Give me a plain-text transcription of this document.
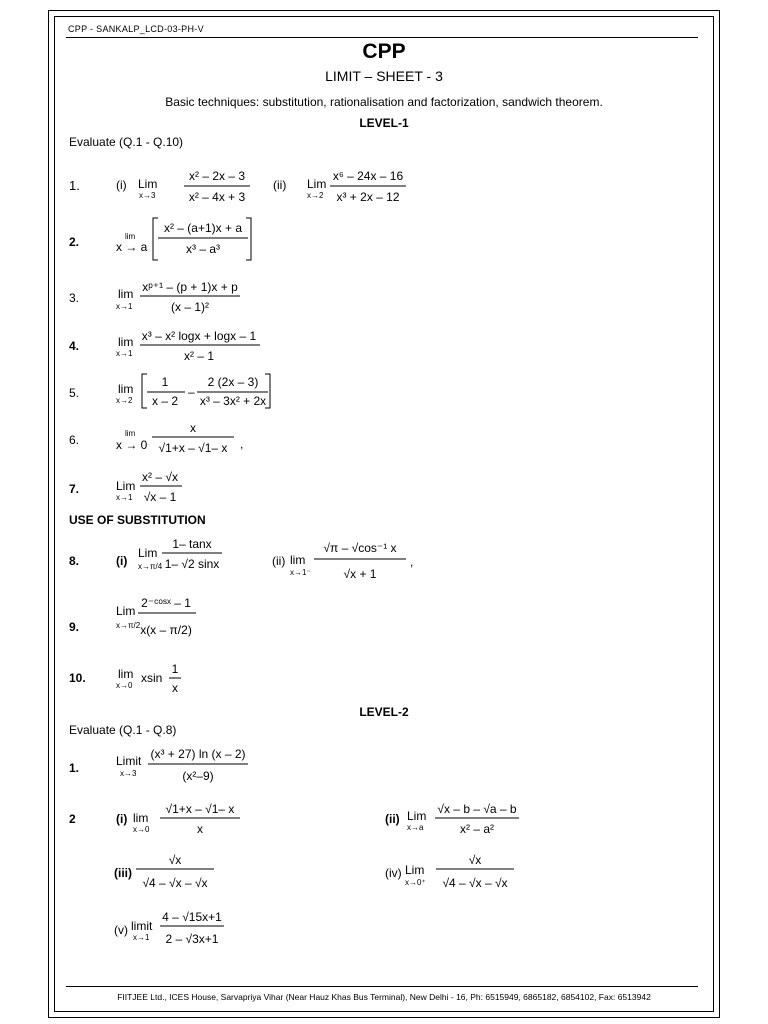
CPP - SANKALP_LCD-03-PH-V
CPP
LIMIT – SHEET - 3
Basic techniques: substitution, rationalisation and factorization, sandwich theorem.
LEVEL-1
Evaluate (Q.1 - Q.10)
1.	(i) Lim
x→3
x² – 2x – 3
x² – 4x + 3
(ii) Lim
x→2
x⁶ – 24x – 16
x³ + 2x – 12
2.	lim
x → a
x² – (a+1)x + a
x³ – a³
3.	lim
x→1
xᵖ⁺¹ – (p + 1)x + p
(x – 1)²
4.	lim
x→1
x³ – x² logx + logx – 1
x² – 1
5.	lim
x→2
1
x – 2
–
2 (2x – 3)
x³ – 3x² + 2x
6.	lim
x → 0
x
√1+x – √1– x ,
7.	Lim
x→1
x² – √x
√x – 1
USE OF SUBSTITUTION
8.	(i)
Lim
x→π/4
1– tanx
1– √2 sinx	(ii) lim
x→1⁻
√π – √cos⁻¹ x
√x + 1
,
9.
Lim
x→π/2
2⁻ᶜᵒˢˣ – 1
x(x – π/2)
10.	lim
x→0
xsin
1
x
LEVEL-2
Evaluate (Q.1 - Q.8)
1.	Limit
x→3
(x³ + 27) ln (x – 2)
(x²–9)
2	(i) lim
x→0
√1+x – √1– x
x
(ii) Lim
x→a
√x – b – √a – b
x² – a²
(iii)
√x
√4 – √x – √x
(iv) Lim
x→0⁺
√x
√4 – √x – √x
(v) limit
x→1
4 – √15x+1
2 – √3x+1
FIITJEE Ltd., ICES House, Sarvapriya Vihar (Near Hauz Khas Bus Terminal), New Delhi - 16, Ph: 6515949, 6865182, 6854102, Fax: 6513942
